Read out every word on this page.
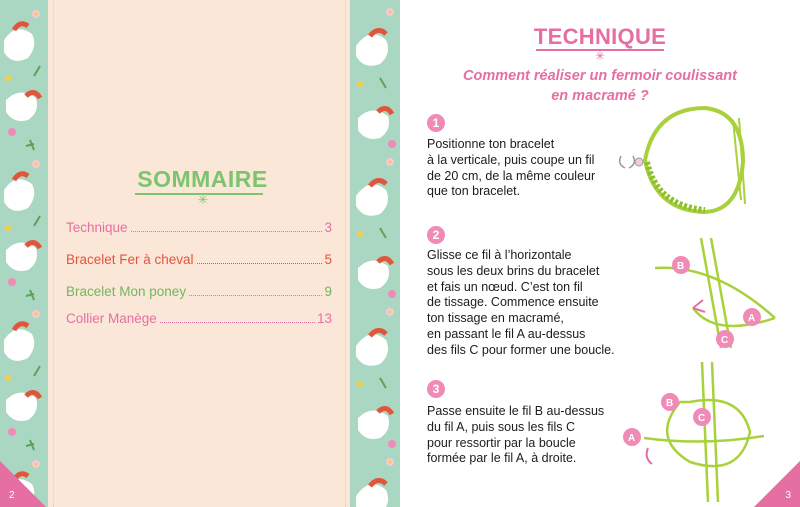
SOMMAIRE
✳
Technique	3
Bracelet Fer à cheval	5
Bracelet Mon poney	9
Collier Manège	13
2
TECHNIQUE
✳
Comment réaliser un fermoir coulissant
en macramé ?
1
Positionne ton bracelet
à la verticale, puis coupe un fil
de 20 cm, de la même couleur
que ton bracelet.
2
Glisse ce fil à l’horizontale
sous les deux brins du bracelet
et fais un nœud. C’est ton fil
de tissage. Commence ensuite
ton tissage en macramé,
en passant le fil A au-dessus
des fils C pour former une boucle.
B
A
C
3
Passe ensuite le fil B au-dessus
du fil A, puis sous les fils C
pour ressortir par la boucle
formée par le fil A, à droite.
B
C
A
3
